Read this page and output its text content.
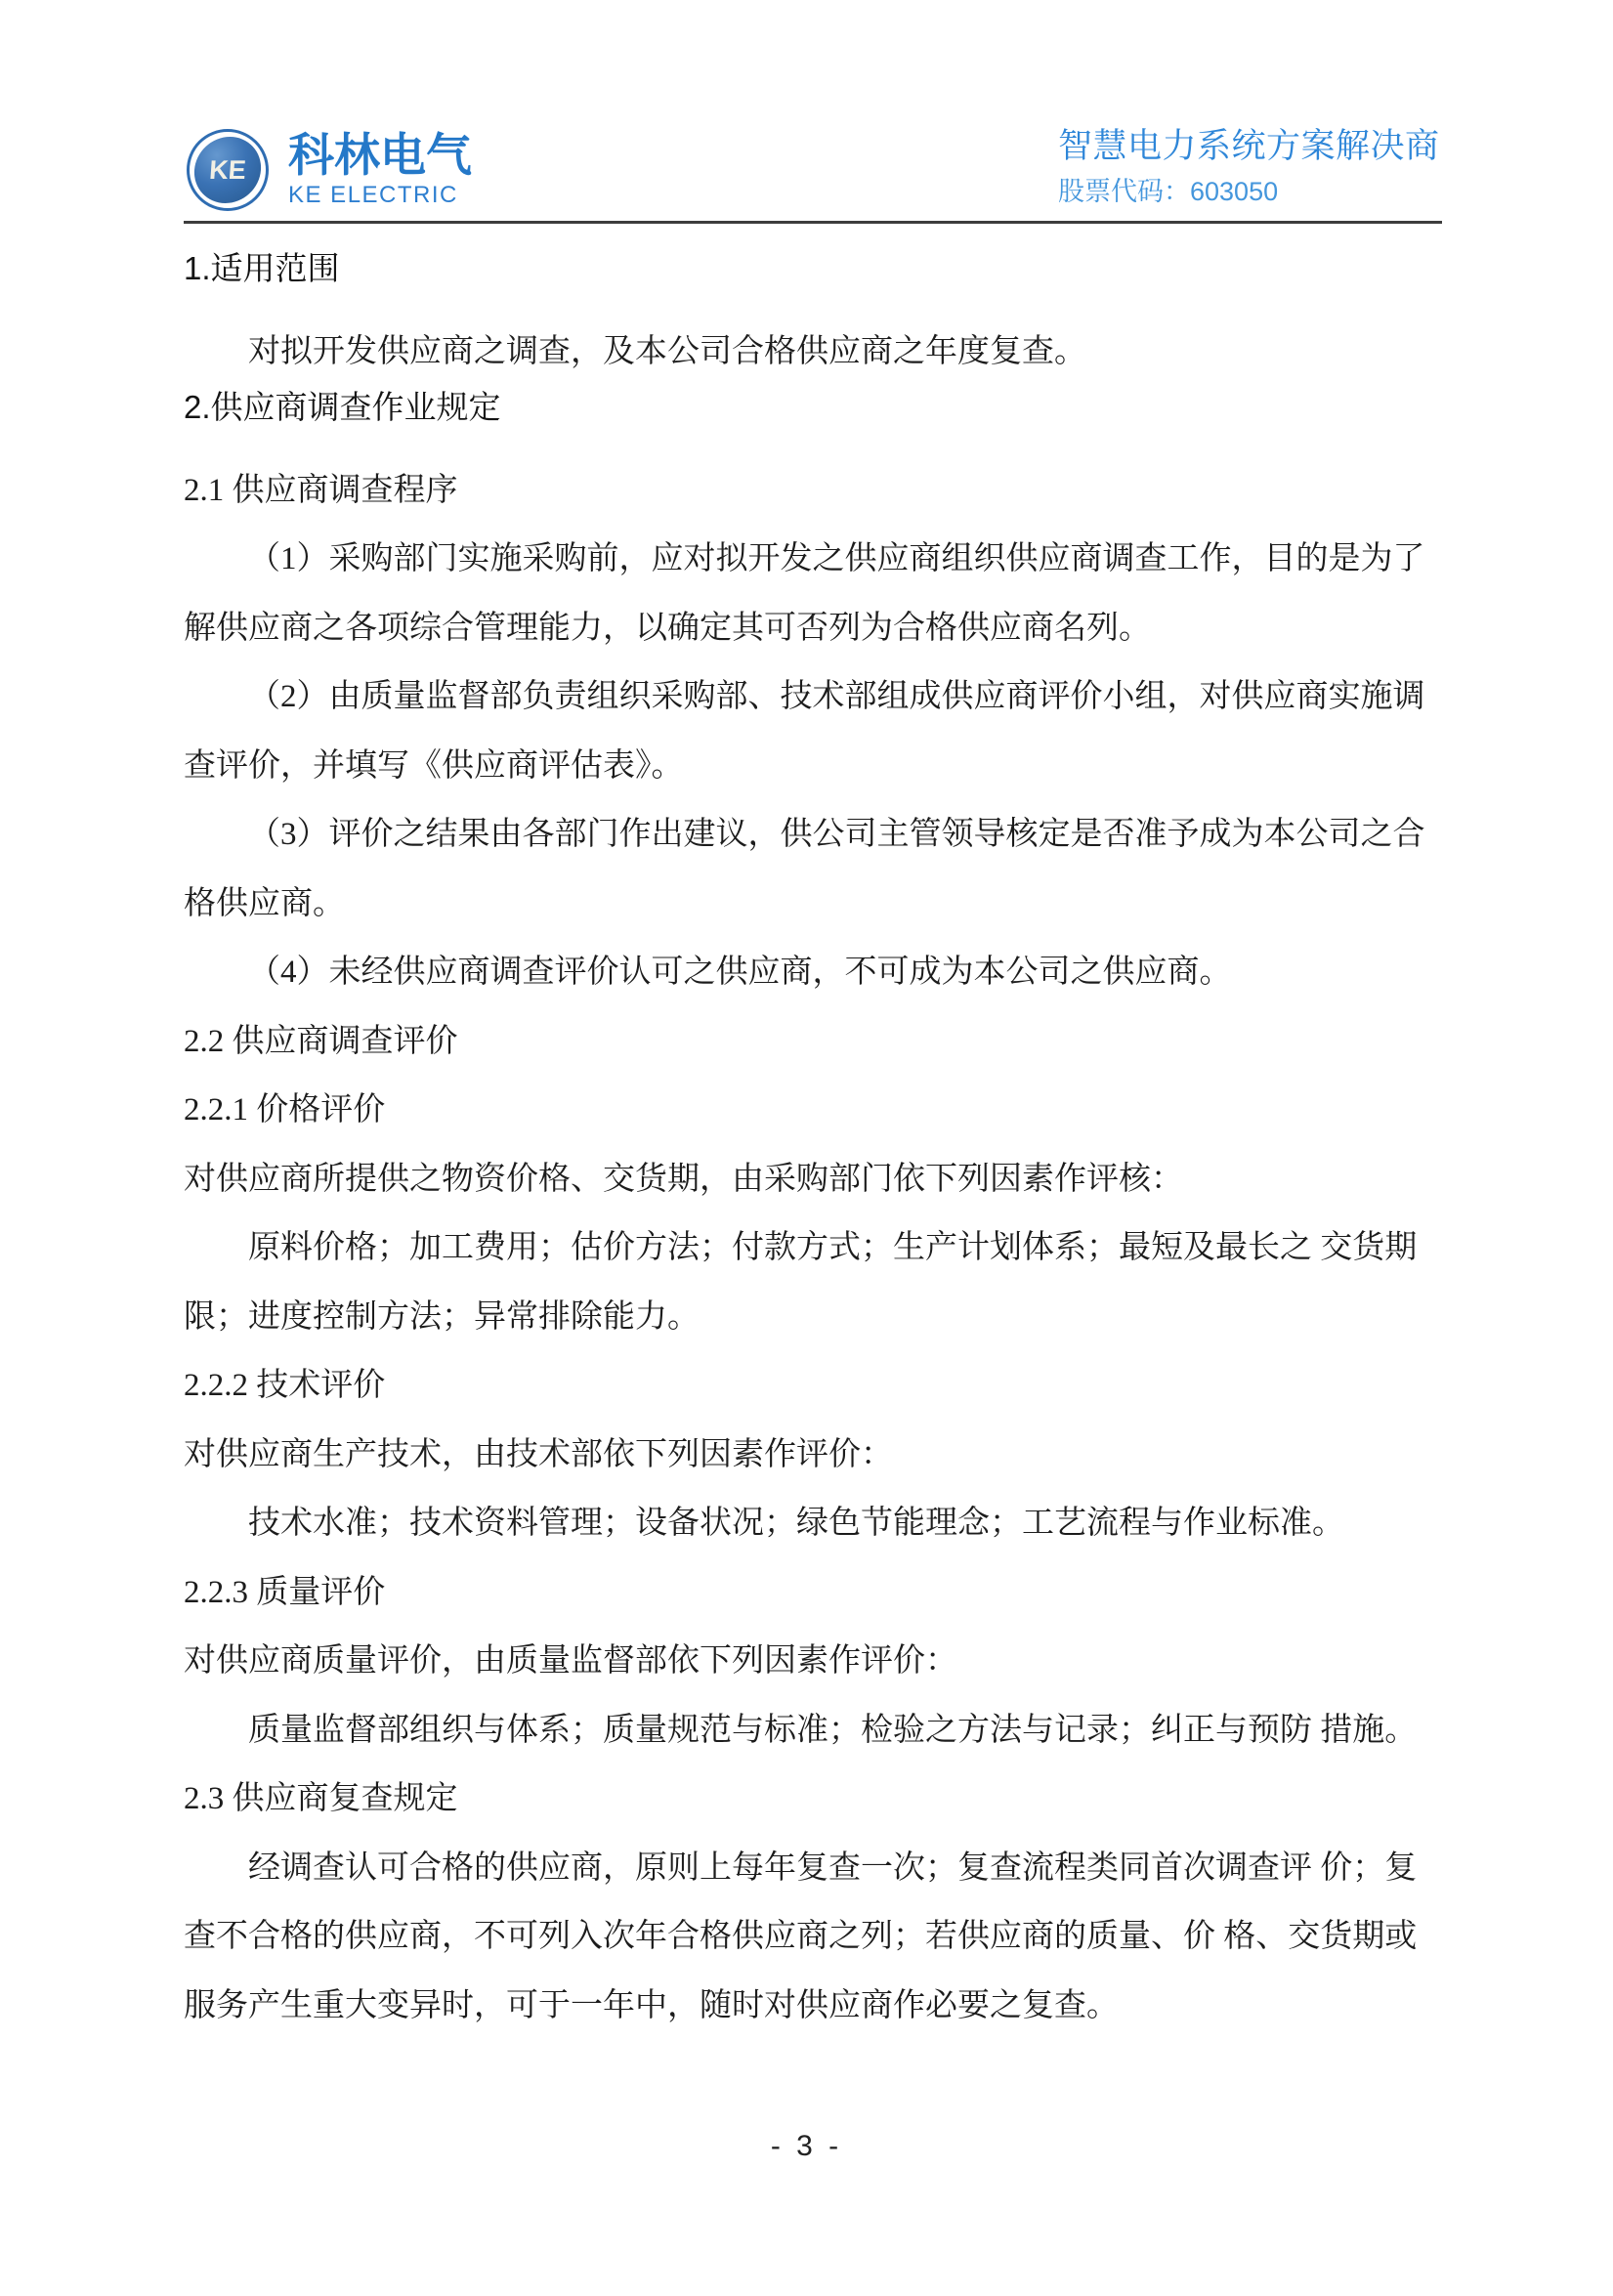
KE 科林电气
KE ELECTRIC
智慧电力系统方案解决商
股票代码：603050
1.适用范围

对拟开发供应商之调查，及本公司合格供应商之年度复查。

2.供应商调查作业规定
2.1 供应商调查程序

（1）采购部门实施采购前，应对拟开发之供应商组织供应商调查工作，目的是为了

解供应商之各项综合管理能力，以确定其可否列为合格供应商名列。

（2）由质量监督部负责组织采购部、技术部组成供应商评价小组，对供应商实施调

查评价，并填写《供应商评估表》。

（3）评价之结果由各部门作出建议，供公司主管领导核定是否准予成为本公司之合

格供应商。

（4）未经供应商调查评价认可之供应商，不可成为本公司之供应商。

2.2 供应商调查评价
2.2.1 价格评价

对供应商所提供之物资价格、交货期，由采购部门依下列因素作评核：

原料价格；加工费用；估价方法；付款方式；生产计划体系；最短及最长之 交货期

限；进度控制方法；异常排除能力。

2.2.2 技术评价

对供应商生产技术，由技术部依下列因素作评价：

技术水准；技术资料管理；设备状况；绿色节能理念；工艺流程与作业标准。

2.2.3 质量评价

对供应商质量评价，由质量监督部依下列因素作评价：

质量监督部组织与体系；质量规范与标准；检验之方法与记录；纠正与预防 措施。

2.3 供应商复查规定

经调查认可合格的供应商，原则上每年复查一次；复查流程类同首次调查评 价；复

查不合格的供应商，不可列入次年合格供应商之列；若供应商的质量、价 格、交货期或

服务产生重大变异时，可于一年中，随时对供应商作必要之复查。

- 3 -
